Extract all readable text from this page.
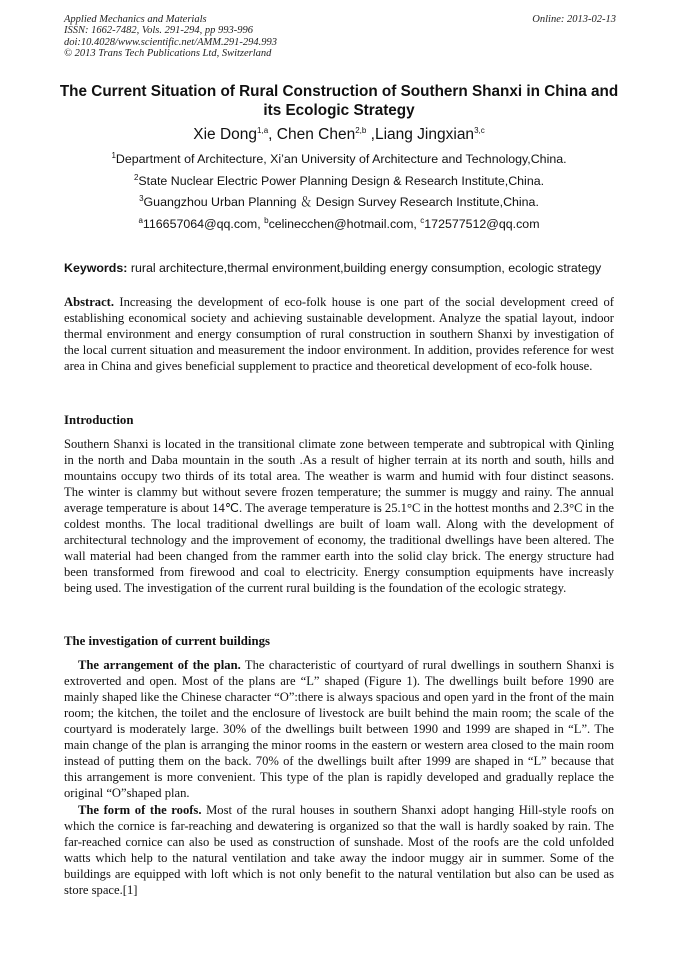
Applied Mechanics and Materials
ISSN: 1662-7482, Vols. 291-294, pp 993-996
doi:10.4028/www.scientific.net/AMM.291-294.993
© 2013 Trans Tech Publications Ltd, Switzerland
Online: 2013-02-13
The Current Situation of Rural Construction of Southern Shanxi in China and its Ecologic Strategy
Xie Dong$^{1,a}$, Chen Chen$^{2,b}$ ,Liang Jingxian$^{3,c}$
$^1$Department of Architecture, Xi’an University of Architecture and Technology,China.
$^2$State Nuclear Electric Power Planning Design & Research Institute,China.
$^3$Guangzhou Urban Planning ＆ Design Survey Research Institute,China.
$^a$116657064@qq.com, $^b$celinecchen@hotmail.com, $^c$172577512@qq.com
Keywords: rural architecture,thermal environment,building energy consumption, ecologic strategy
Abstract. Increasing the development of eco-folk house is one part of the social development creed of establishing economical society and achieving sustainable development. Analyze the spatial layout, indoor thermal environment and energy consumption of rural construction in southern Shanxi by investigation of the local current situation and measurement the indoor environment. In addition, provides reference for west area in China and gives beneficial supplement to practice and theoretical development of eco-folk house.
Introduction
Southern Shanxi is located in the transitional climate zone between temperate and subtropical with Qinling in the north and Daba mountain in the south .As a result of higher terrain at its north and south, hills and mountains occupy two thirds of its total area. The weather is warm and humid with four distinct seasons. The winter is clammy but without severe frozen temperature; the summer is muggy and rainy. The annual average temperature is about 14℃. The average temperature is 25.1°C in the hottest months and 2.3°C in the coldest months. The local traditional dwellings are built of loam wall. Along with the development of architectural technology and the improvement of economy, the traditional dwellings have been altered. The wall material had been changed from the rammer earth into the solid clay brick. The energy structure had been transformed from firewood and coal to electricity. Energy consumption equipments have increasly being used. The investigation of the current rural building is the foundation of the ecologic strategy.
The investigation of current buildings
The arrangement of the plan. The characteristic of courtyard of rural dwellings in southern Shanxi is extroverted and open. Most of the plans are “L” shaped (Figure 1). The dwellings built before 1990 are mainly shaped like the Chinese character “O”:there is always spacious and open yard in the front of the main room; the kitchen, the toilet and the enclosure of livestock are built behind the main room; the scale of the courtyard is moderately large. 30% of the dwellings built between 1990 and 1999 are shaped in “L”. The main change of the plan is arranging the minor rooms in the eastern or western area closed to the main room instead of putting them on the back. 70% of the dwellings built after 1999 are shaped in “L” because that this arrangement is more convenient. This type of the plan is rapidly developed and gradually replace the original “O”shaped plan.
The form of the roofs. Most of the rural houses in southern Shanxi adopt hanging Hill-style roofs on which the cornice is far-reaching and dewatering is organized so that the wall is hardly soaked by rain. The far-reached cornice can also be used as construction of sunshade. Most of the roofs are the cold unfolded watts which help to the natural ventilation and take away the indoor muggy air in summer. Some of the buildings are equipped with loft which is not only benefit to the natural ventilation but also can be used as store space.[1]
